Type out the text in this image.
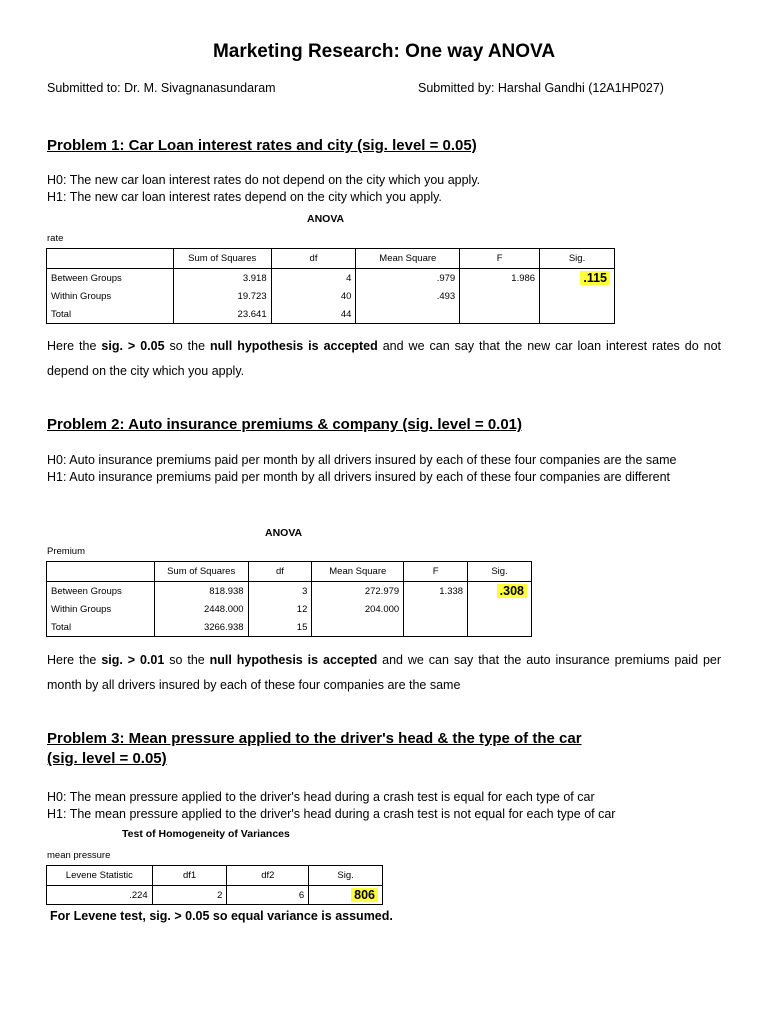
Marketing Research: One way ANOVA
Submitted to: Dr. M. Sivagnanasundaram	Submitted by: Harshal Gandhi (12A1HP027)
Problem 1: Car Loan interest rates and city (sig. level = 0.05)
H0: The new car loan interest rates do not depend on the city which you apply.
H1: The new car loan interest rates depend on the city which you apply.
ANOVA
rate
	Sum of Squares	df	Mean Square	F	Sig.
Between Groups	3.918	4	.979	1.986	.115
Within Groups	19.723	40	.493		
Total	23.641	44			
Here the sig. > 0.05 so the null hypothesis is accepted and we can say that the new car loan interest rates do not depend on the city which you apply.
Problem 2: Auto insurance premiums & company (sig. level = 0.01)
H0: Auto insurance premiums paid per month by all drivers insured by each of these four companies are the same
H1: Auto insurance premiums paid per month by all drivers insured by each of these four companies are different
ANOVA
Premium
	Sum of Squares	df	Mean Square	F	Sig.
Between Groups	818.938	3	272.979	1.338	.308
Within Groups	2448.000	12	204.000		
Total	3266.938	15			
Here the sig. > 0.01 so the null hypothesis is accepted and we can say that the auto insurance premiums paid per month by all drivers insured by each of these four companies are the same
Problem 3: Mean pressure applied to the driver's head & the type of the car
(sig. level = 0.05)
H0: The mean pressure applied to the driver's head during a crash test is equal for each type of car
H1: The mean pressure applied to the driver's head during a crash test is not equal for each type of car
Test of Homogeneity of Variances
mean pressure
Levene Statistic	df1	df2	Sig.
.224	2	6	806
For Levene test, sig. > 0.05 so equal variance is assumed.
